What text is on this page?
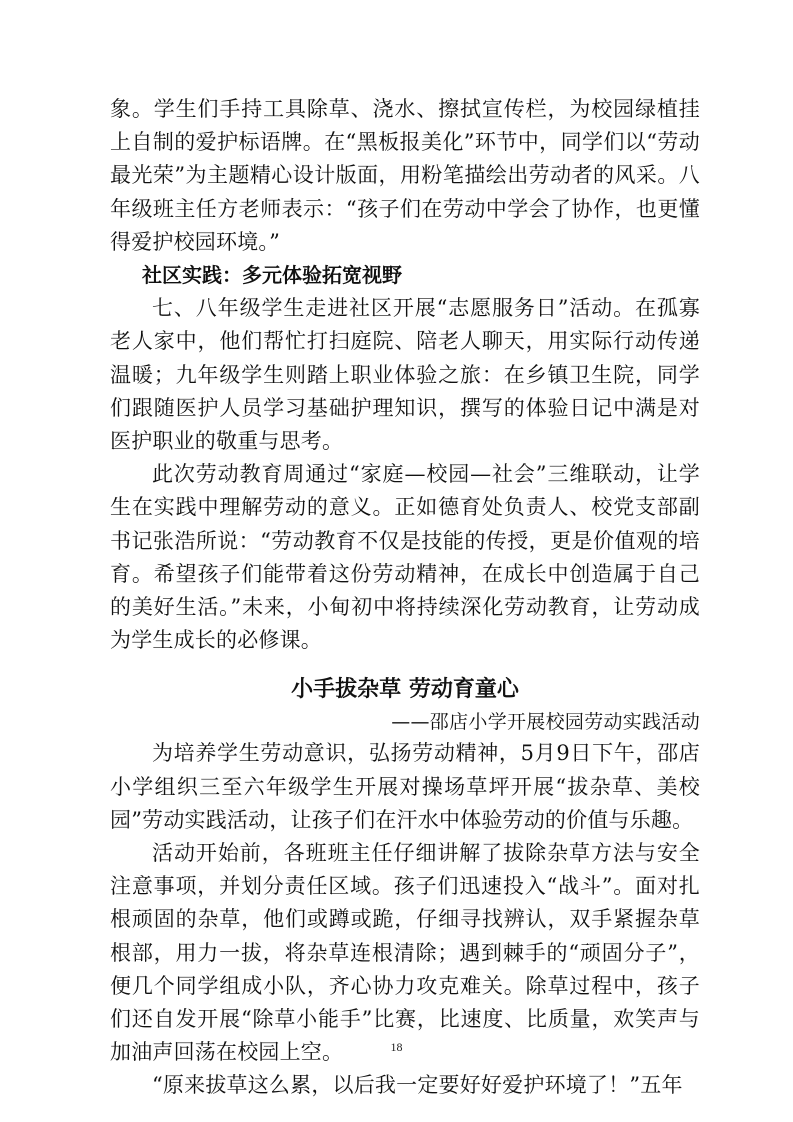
象。学生们手持工具除草、浇水、擦拭宣传栏，为校园绿植挂上自制的爱护标语牌。在“黑板报美化”环节中，同学们以“劳动最光荣”为主题精心设计版面，用粉笔描绘出劳动者的风采。八年级班主任方老师表示：“孩子们在劳动中学会了协作，也更懂得爱护校园环境。”

社区实践：多元体验拓宽视野

七、八年级学生走进社区开展“志愿服务日”活动。在孤寡老人家中，他们帮忙打扫庭院、陪老人聊天，用实际行动传递温暖；九年级学生则踏上职业体验之旅：在乡镇卫生院，同学们跟随医护人员学习基础护理知识，撰写的体验日记中满是对医护职业的敬重与思考。

此次劳动教育周通过“家庭—校园—社会”三维联动，让学生在实践中理解劳动的意义。正如德育处负责人、校党支部副书记张浩所说：“劳动教育不仅是技能的传授，更是价值观的培育。希望孩子们能带着这份劳动精神，在成长中创造属于自己的美好生活。”未来，小甸初中将持续深化劳动教育，让劳动成为学生成长的必修课。

小手拔杂草 劳动育童心

——邵店小学开展校园劳动实践活动

为培养学生劳动意识，弘扬劳动精神，5月9日下午，邵店小学组织三至六年级学生开展对操场草坪开展“拔杂草、美校园”劳动实践活动，让孩子们在汗水中体验劳动的价值与乐趣。

活动开始前，各班班主任仔细讲解了拔除杂草方法与安全注意事项，并划分责任区域。孩子们迅速投入“战斗”。面对扎根顽固的杂草，他们或蹲或跪，仔细寻找辨认，双手紧握杂草根部，用力一拔，将杂草连根清除；遇到棘手的“顽固分子”，便几个同学组成小队，齐心协力攻克难关。除草过程中，孩子们还自发开展“除草小能手”比赛，比速度、比质量，欢笑声与加油声回荡在校园上空。

“原来拔草这么累，以后我一定要好好爱护环境了！”五年

18
